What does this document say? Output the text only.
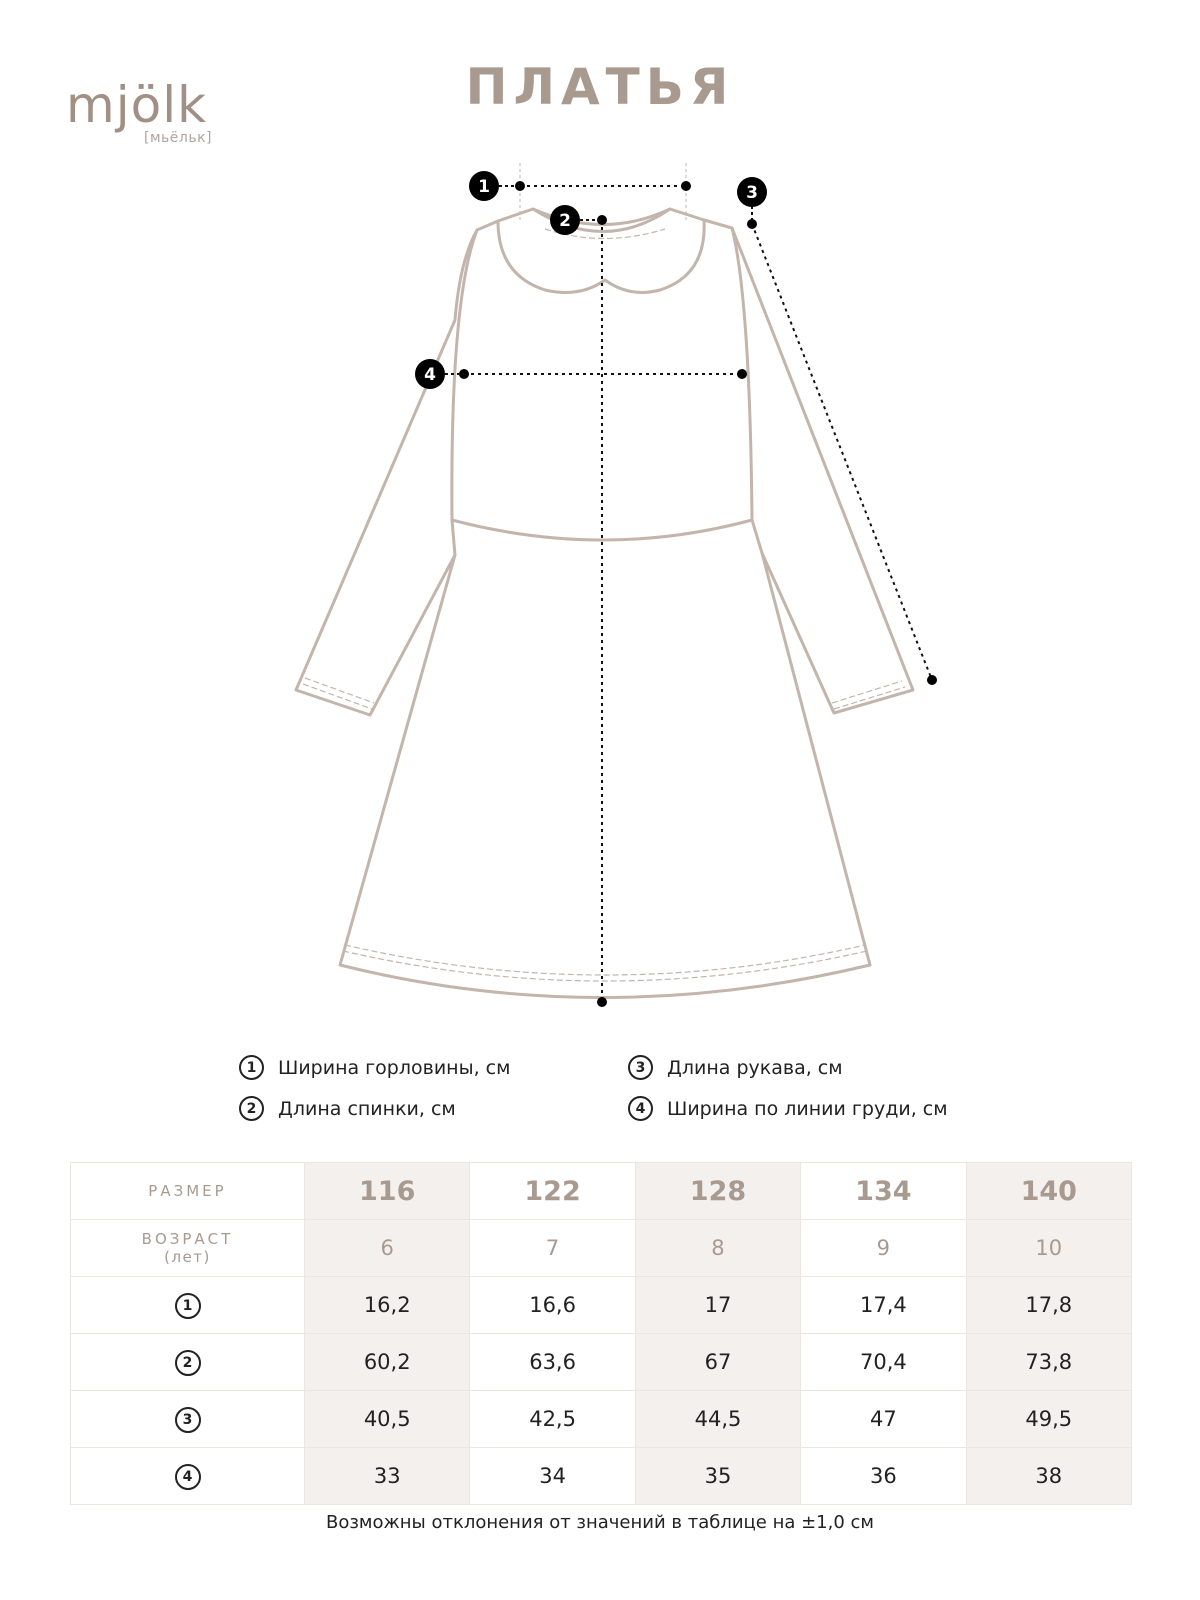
mjölk
[мьёльк]
ПЛАТЬЯ
1
2
3
4
1	Ширина горловины, см
2	Длина спинки, см
3	Длина рукава, см
4	Ширина по линии груди, см
РАЗМЕР	116	122	128	134	140
ВОЗРАСТ
(лет)	6	7	8	9	10
1	16,2	16,6	17	17,4	17,8
2	60,2	63,6	67	70,4	73,8
3	40,5	42,5	44,5	47	49,5
4	33	34	35	36	38
Возможны отклонения от значений в таблице на ±1,0 см
